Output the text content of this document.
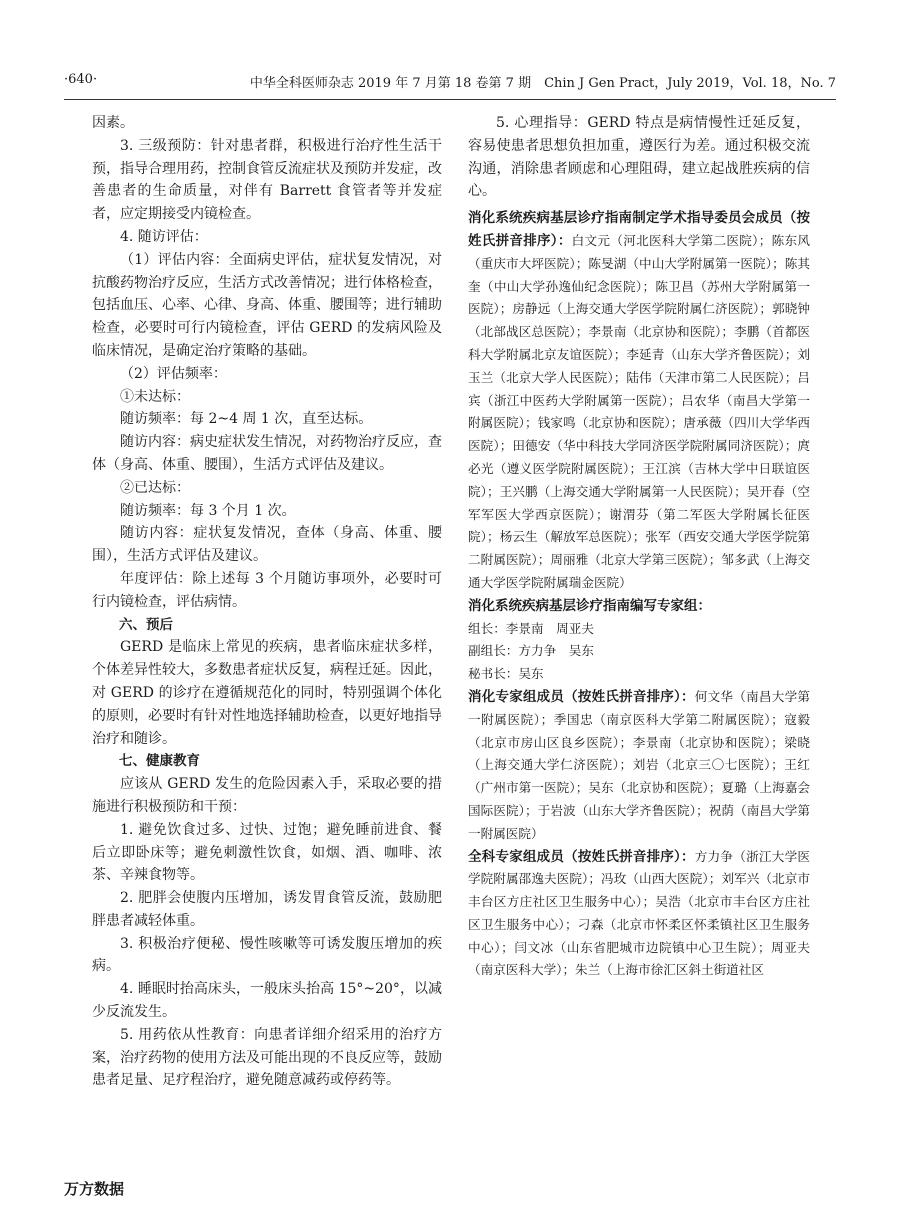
·640·	中华全科医师杂志 2019 年 7 月第 18 卷第 7 期　Chin J Gen Pract，July 2019，Vol. 18，No. 7

因素。

3. 三级预防：针对患者群，积极进行治疗性生活干预，指导合理用药，控制食管反流症状及预防并发症，改善患者的生命质量，对伴有 Barrett 食管者等并发症者，应定期接受内镜检查。

4. 随访评估：

（1）评估内容：全面病史评估，症状复发情况，对抗酸药物治疗反应，生活方式改善情况；进行体格检查，包括血压、心率、心律、身高、体重、腰围等；进行辅助检查，必要时可行内镜检查，评估 GERD 的发病风险及临床情况，是确定治疗策略的基础。

（2）评估频率：

①未达标：

随访频率：每 2~4 周 1 次，直至达标。

随访内容：病史症状发生情况，对药物治疗反应，查体（身高、体重、腰围），生活方式评估及建议。

②已达标：

随访频率：每 3 个月 1 次。

随访内容：症状复发情况，查体（身高、体重、腰围），生活方式评估及建议。

年度评估：除上述每 3 个月随访事项外，必要时可行内镜检查，评估病情。

六、预后

GERD 是临床上常见的疾病，患者临床症状多样，个体差异性较大，多数患者症状反复，病程迁延。因此，对 GERD 的诊疗在遵循规范化的同时，特别强调个体化的原则，必要时有针对性地选择辅助检查，以更好地指导治疗和随诊。

七、健康教育

应该从 GERD 发生的危险因素入手，采取必要的措施进行积极预防和干预：

1. 避免饮食过多、过快、过饱；避免睡前进食、餐后立即卧床等；避免刺激性饮食，如烟、酒、咖啡、浓茶、辛辣食物等。

2. 肥胖会使腹内压增加，诱发胃食管反流，鼓励肥胖患者减轻体重。

3. 积极治疗便秘、慢性咳嗽等可诱发腹压增加的疾病。

4. 睡眠时抬高床头，一般床头抬高 15°~20°，以减少反流发生。

5. 用药依从性教育：向患者详细介绍采用的治疗方案，治疗药物的使用方法及可能出现的不良反应等，鼓励患者足量、足疗程治疗，避免随意减药或停药等。

5. 心理指导：GERD 特点是病情慢性迁延反复，容易使患者思想负担加重，遵医行为差。通过积极交流沟通，消除患者顾虑和心理阻碍，建立起战胜疾病的信心。

消化系统疾病基层诊疗指南制定学术指导委员会成员（按姓氏拼音排序）：白文元（河北医科大学第二医院）；陈东风（重庆市大坪医院）；陈旻湖（中山大学附属第一医院）；陈其奎（中山大学孙逸仙纪念医院）；陈卫昌（苏州大学附属第一医院）；房静远（上海交通大学医学院附属仁济医院）；郭晓钟（北部战区总医院）；李景南（北京协和医院）；李鹏（首都医科大学附属北京友谊医院）；李延青（山东大学齐鲁医院）；刘玉兰（北京大学人民医院）；陆伟（天津市第二人民医院）；吕宾（浙江中医药大学附属第一医院）；吕农华（南昌大学第一附属医院）；钱家鸣（北京协和医院）；唐承薇（四川大学华西医院）；田德安（华中科技大学同济医学院附属同济医院）；庹必光（遵义医学院附属医院）；王江滨（吉林大学中日联谊医院）；王兴鹏（上海交通大学附属第一人民医院）；吴开春（空军军医大学西京医院）；谢渭芬（第二军医大学附属长征医院）；杨云生（解放军总医院）；张军（西安交通大学医学院第二附属医院）；周丽雅（北京大学第三医院）；邹多武（上海交通大学医学院附属瑞金医院）

消化系统疾病基层诊疗指南编写专家组：

组长：李景南　周亚夫

副组长：方力争　吴东

秘书长：吴东

消化专家组成员（按姓氏拼音排序）：何文华（南昌大学第一附属医院）；季国忠（南京医科大学第二附属医院）；寇毅（北京市房山区良乡医院）；李景南（北京协和医院）；梁晓（上海交通大学仁济医院）；刘岩（北京三〇七医院）；王红（广州市第一医院）；吴东（北京协和医院）；夏璐（上海嘉会国际医院）；于岩波（山东大学齐鲁医院）；祝荫（南昌大学第一附属医院）

全科专家组成员（按姓氏拼音排序）：方力争（浙江大学医学院附属邵逸夫医院）；冯玫（山西大医院）；刘军兴（北京市丰台区方庄社区卫生服务中心）；吴浩（北京市丰台区方庄社区卫生服务中心）；刁森（北京市怀柔区怀柔镇社区卫生服务中心）；闫文冰（山东省肥城市边院镇中心卫生院）；周亚夫（南京医科大学）；朱兰（上海市徐汇区斜土街道社区

万方数据
